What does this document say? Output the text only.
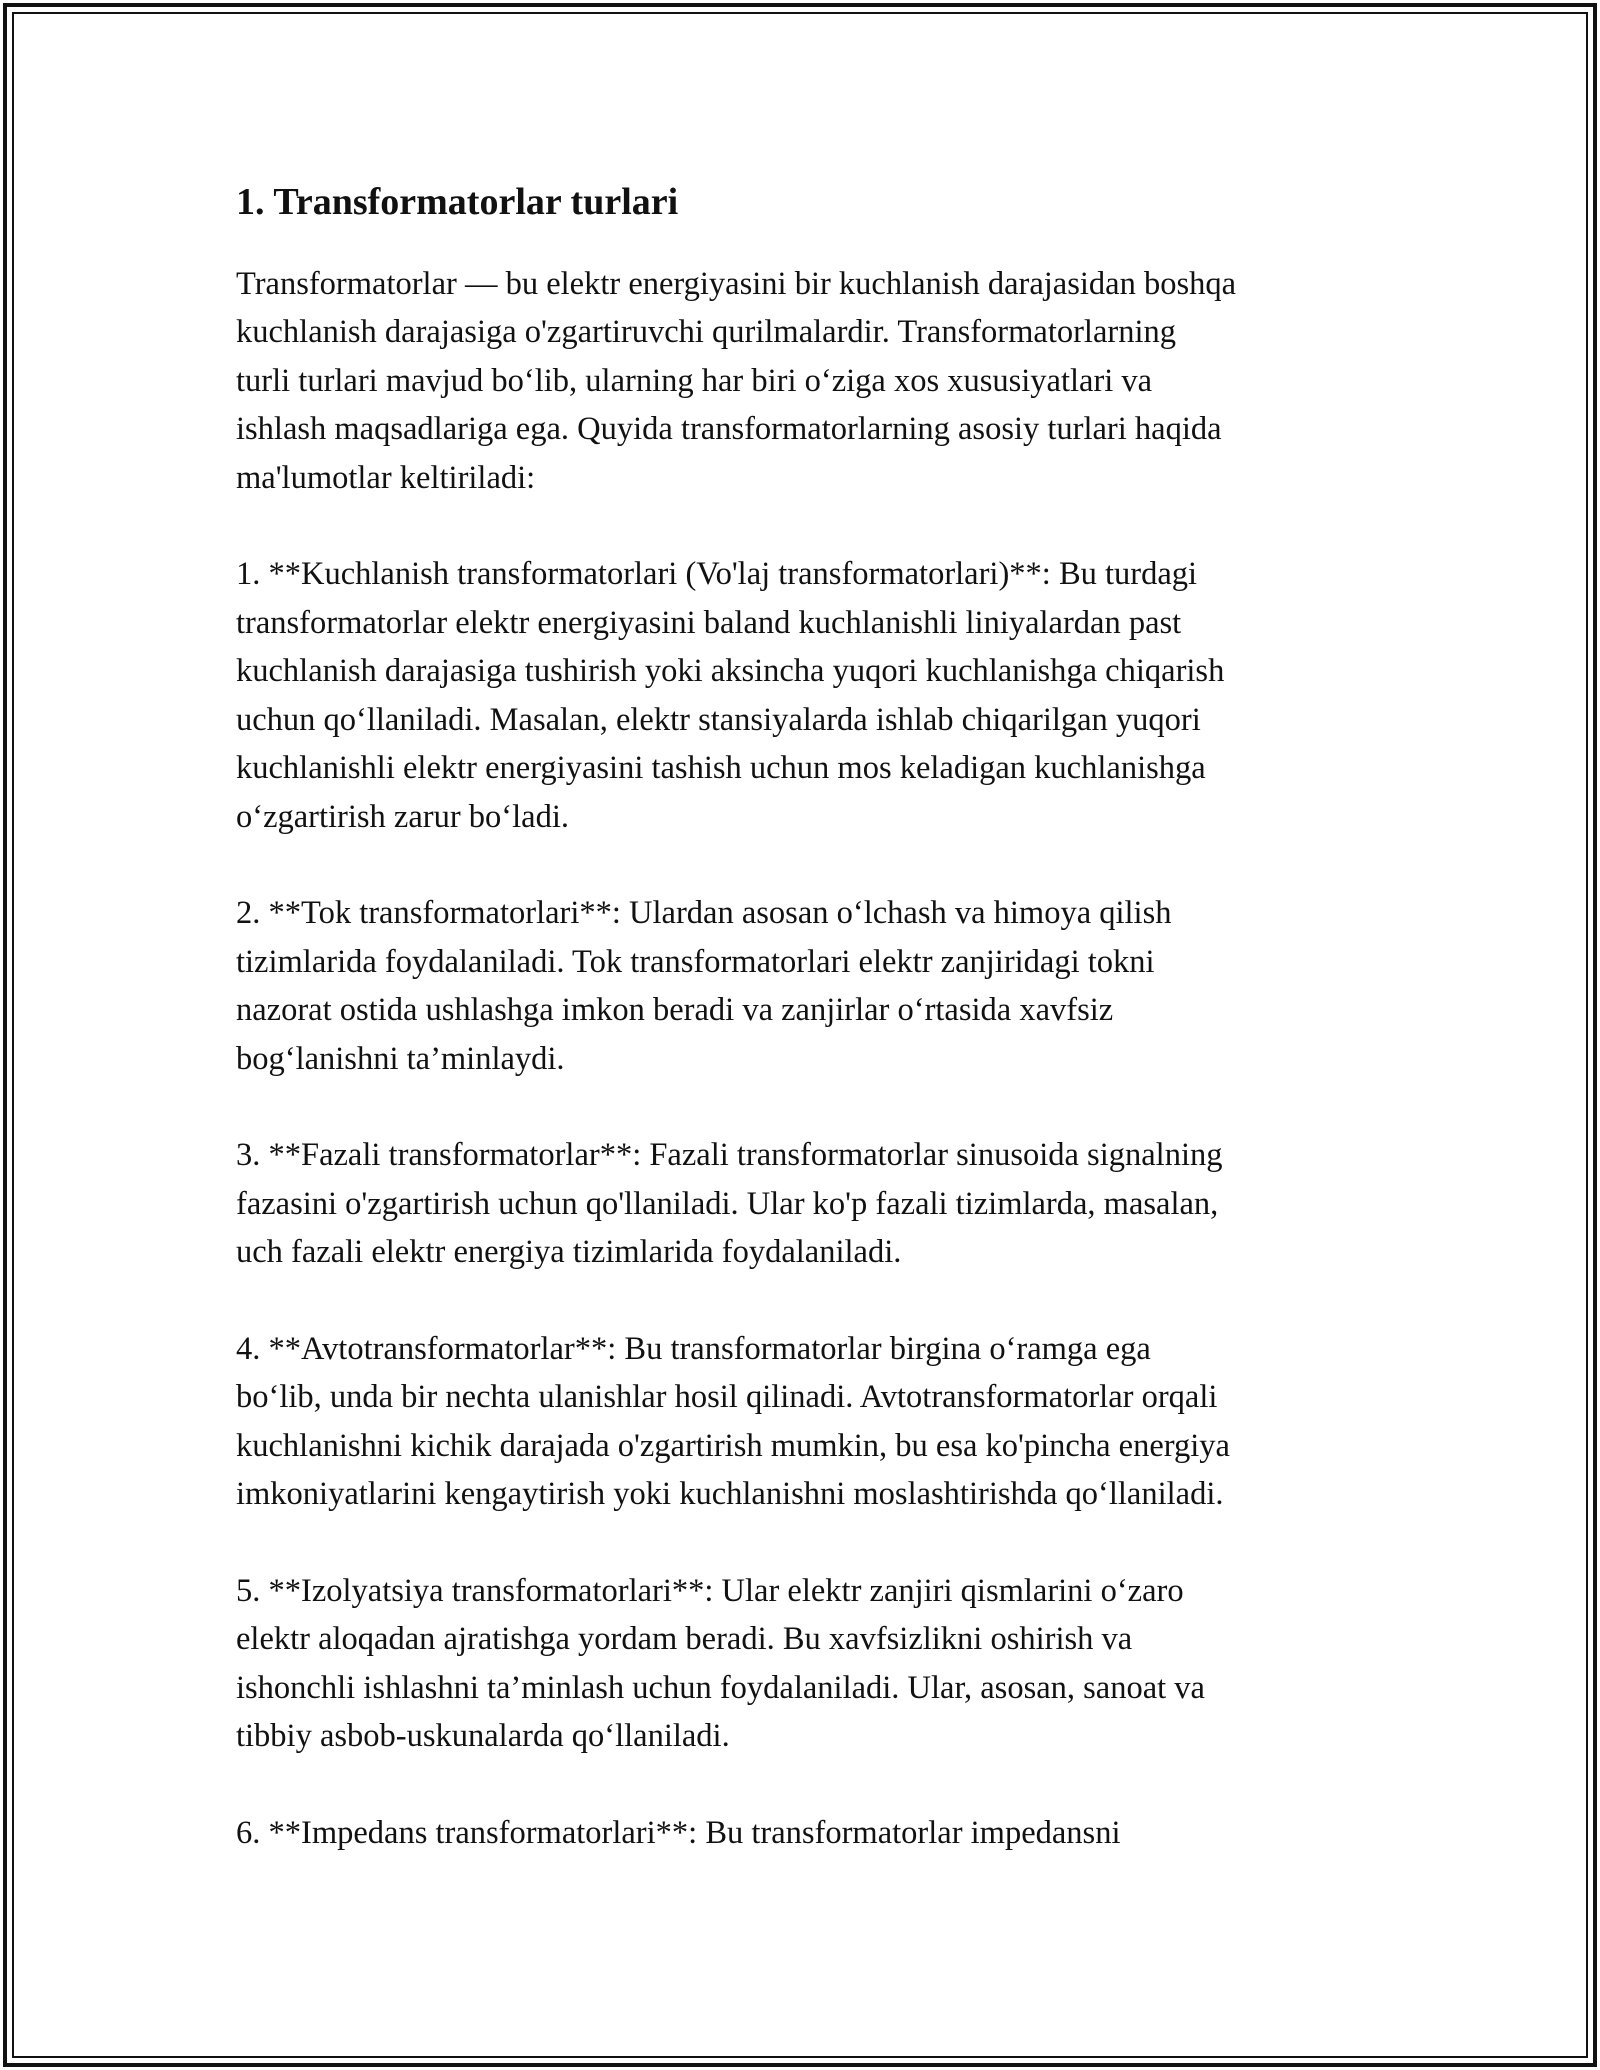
1. Transformatorlar turlari

Transformatorlar — bu elektr energiyasini bir kuchlanish darajasidan boshqa
kuchlanish darajasiga o'zgartiruvchi qurilmalardir. Transformatorlarning
turli turlari mavjud bo‘lib, ularning har biri o‘ziga xos xususiyatlari va
ishlash maqsadlariga ega. Quyida transformatorlarning asosiy turlari haqida
ma'lumotlar keltiriladi:

1. **Kuchlanish transformatorlari (Vo'laj transformatorlari)**: Bu turdagi
transformatorlar elektr energiyasini baland kuchlanishli liniyalardan past
kuchlanish darajasiga tushirish yoki aksincha yuqori kuchlanishga chiqarish
uchun qo‘llaniladi. Masalan, elektr stansiyalarda ishlab chiqarilgan yuqori
kuchlanishli elektr energiyasini tashish uchun mos keladigan kuchlanishga
o‘zgartirish zarur bo‘ladi.

2. **Tok transformatorlari**: Ulardan asosan o‘lchash va himoya qilish
tizimlarida foydalaniladi. Tok transformatorlari elektr zanjiridagi tokni
nazorat ostida ushlashga imkon beradi va zanjirlar o‘rtasida xavfsiz
bog‘lanishni ta’minlaydi.

3. **Fazali transformatorlar**: Fazali transformatorlar sinusoida signalning
fazasini o'zgartirish uchun qo'llaniladi. Ular ko'p fazali tizimlarda, masalan,
uch fazali elektr energiya tizimlarida foydalaniladi.

4. **Avtotransformatorlar**: Bu transformatorlar birgina o‘ramga ega
bo‘lib, unda bir nechta ulanishlar hosil qilinadi. Avtotransformatorlar orqali
kuchlanishni kichik darajada o'zgartirish mumkin, bu esa ko'pincha energiya
imkoniyatlarini kengaytirish yoki kuchlanishni moslashtirishda qo‘llaniladi.

5. **Izolyatsiya transformatorlari**: Ular elektr zanjiri qismlarini o‘zaro
elektr aloqadan ajratishga yordam beradi. Bu xavfsizlikni oshirish va
ishonchli ishlashni ta’minlash uchun foydalaniladi. Ular, asosan, sanoat va
tibbiy asbob-uskunalarda qo‘llaniladi.

6. **Impedans transformatorlari**: Bu transformatorlar impedansni
